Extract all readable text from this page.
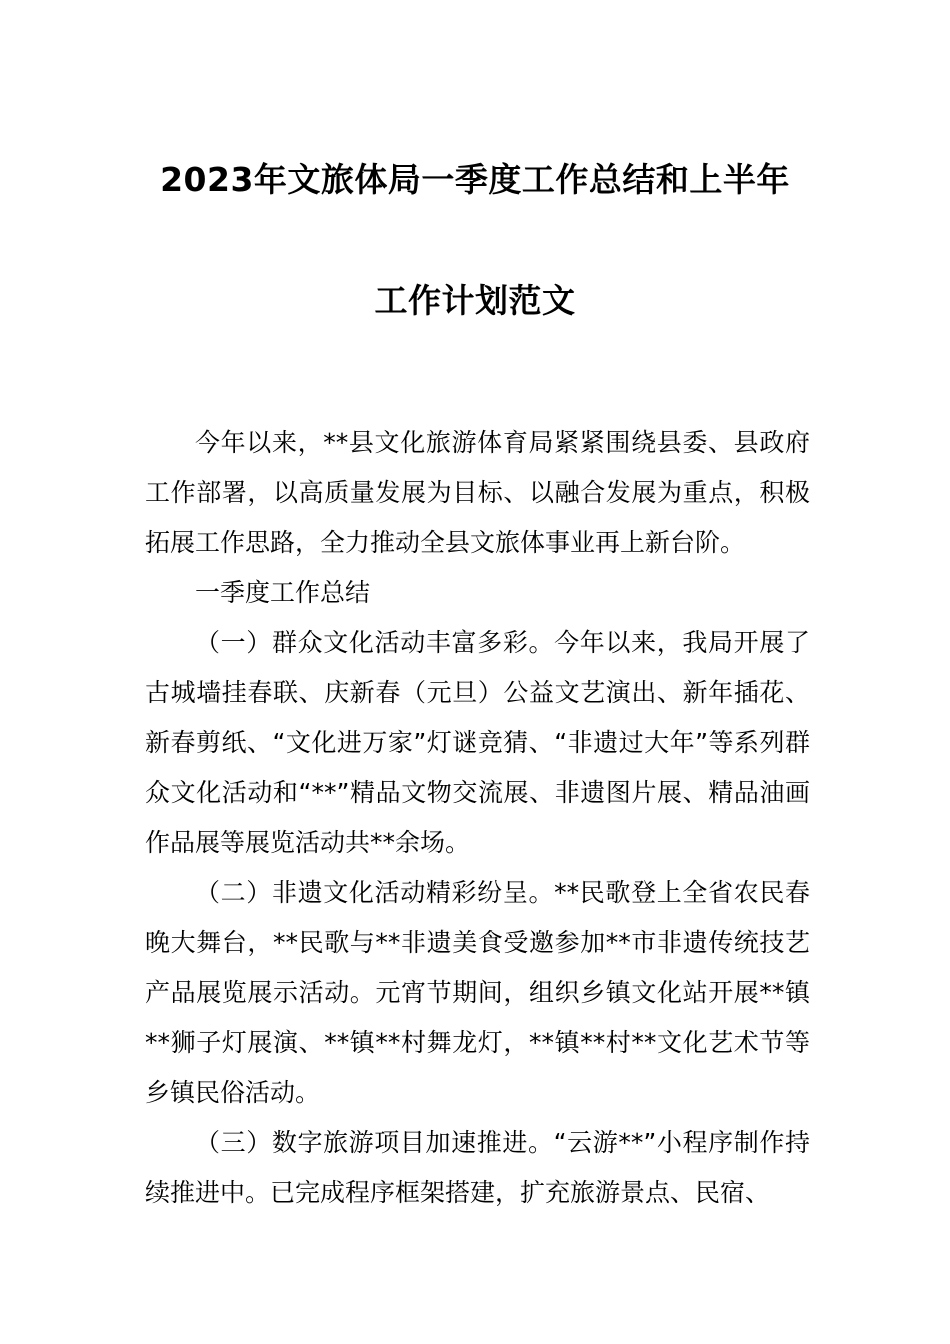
2023年文旅体局一季度工作总结和上半年
工作计划范文

今年以来，**县文化旅游体育局紧紧围绕县委、县政府工作部署，以高质量发展为目标、以融合发展为重点，积极拓展工作思路，全力推动全县文旅体事业再上新台阶。

一季度工作总结

（一）群众文化活动丰富多彩。今年以来，我局开展了古城墙挂春联、庆新春（元旦）公益文艺演出、新年插花、新春剪纸、“文化进万家”灯谜竞猜、“非遗过大年”等系列群众文化活动和“**”精品文物交流展、非遗图片展、精品油画作品展等展览活动共**余场。

（二）非遗文化活动精彩纷呈。**民歌登上全省农民春晚大舞台，**民歌与**非遗美食受邀参加**市非遗传统技艺产品展览展示活动。元宵节期间，组织乡镇文化站开展**镇**狮子灯展演、**镇**村舞龙灯，**镇**村**文化艺术节等乡镇民俗活动。

（三）数字旅游项目加速推进。“云游**”小程序制作持续推进中。已完成程序框架搭建，扩充旅游景点、民宿、
